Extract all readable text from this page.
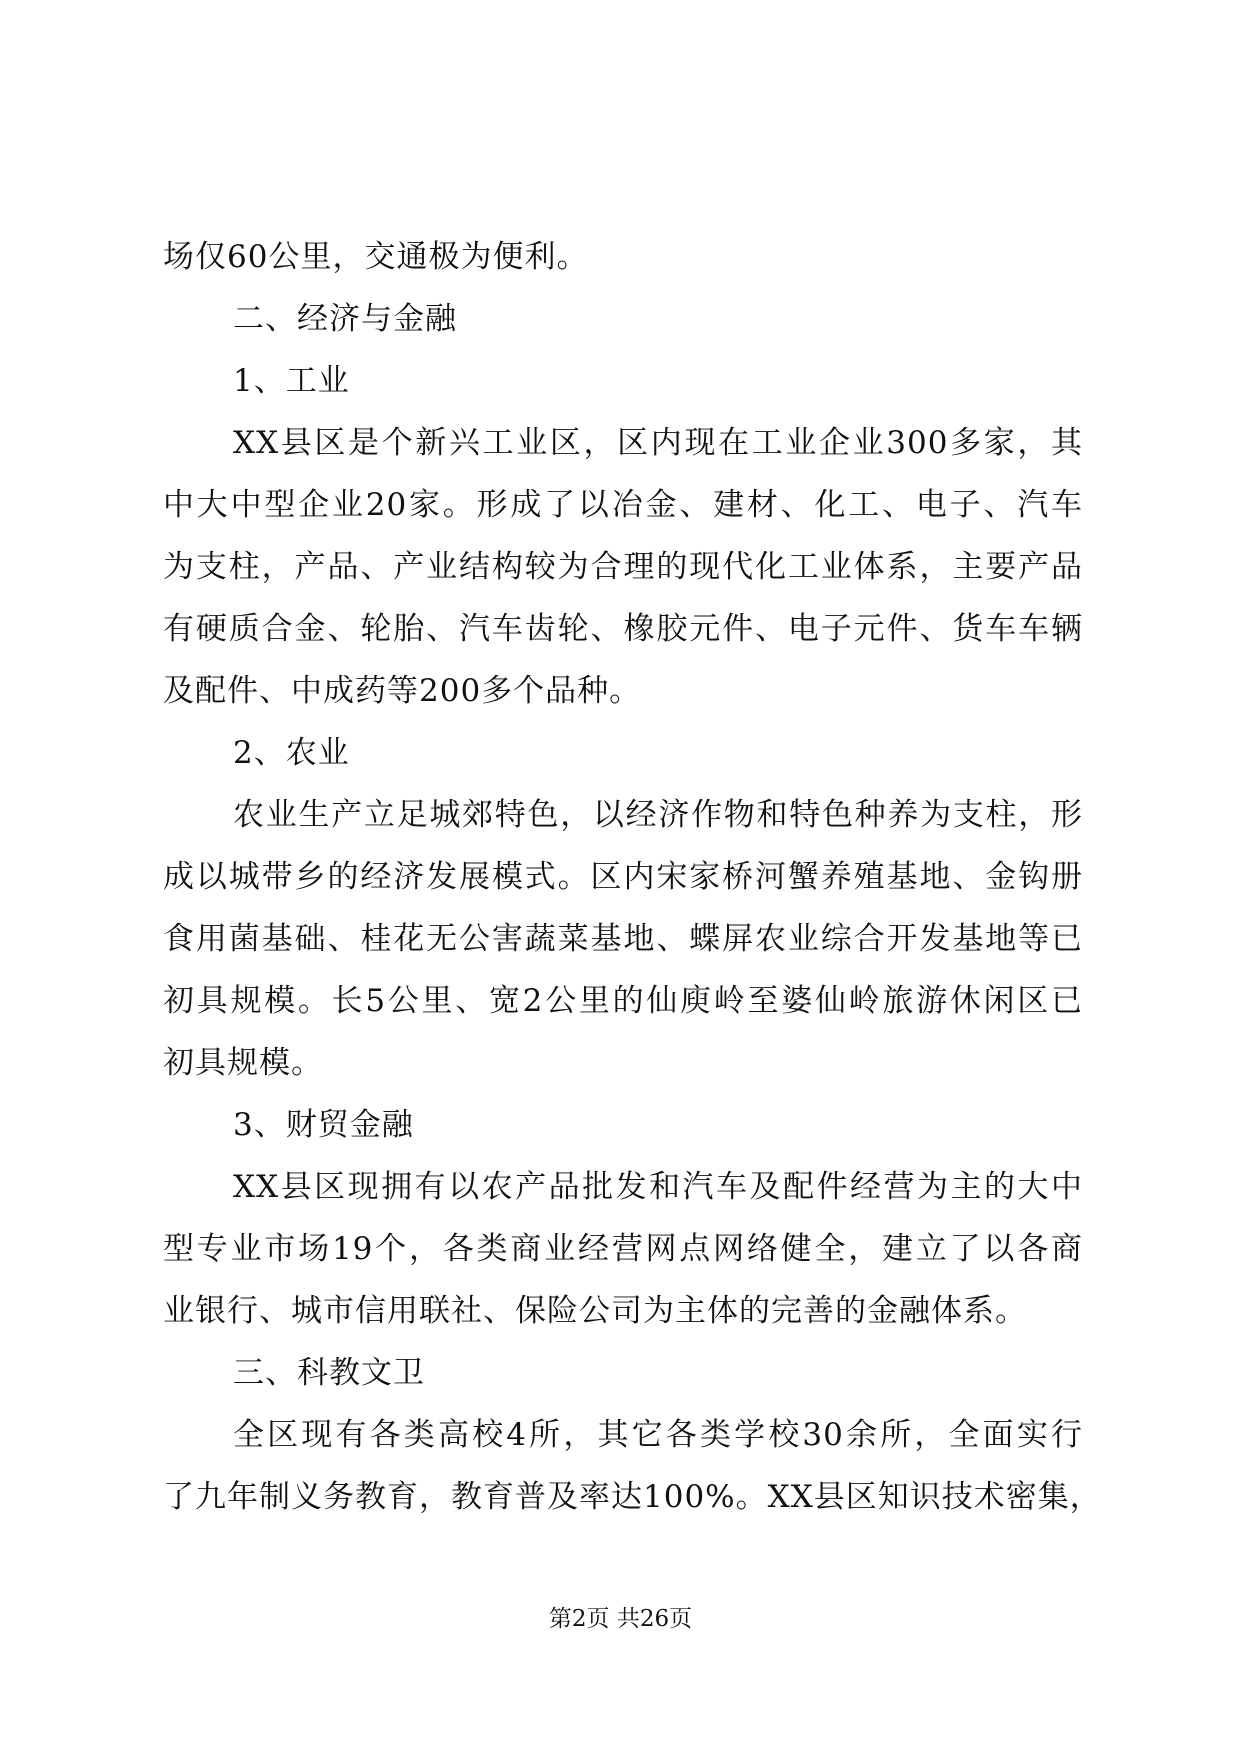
场仅60公里，交通极为便利。
二、经济与金融
1、工业
XX县区是个新兴工业区，区内现在工业企业300多家，其
中大中型企业20家。形成了以冶金、建材、化工、电子、汽车
为支柱，产品、产业结构较为合理的现代化工业体系，主要产品
有硬质合金、轮胎、汽车齿轮、橡胶元件、电子元件、货车车辆
及配件、中成药等200多个品种。
2、农业
农业生产立足城郊特色，以经济作物和特色种养为支柱，形
成以城带乡的经济发展模式。区内宋家桥河蟹养殖基地、金钩册
食用菌基础、桂花无公害蔬菜基地、蝶屏农业综合开发基地等已
初具规模。长5公里、宽2公里的仙庾岭至婆仙岭旅游休闲区已
初具规模。
3、财贸金融
XX县区现拥有以农产品批发和汽车及配件经营为主的大中
型专业市场19个，各类商业经营网点网络健全，建立了以各商
业银行、城市信用联社、保险公司为主体的完善的金融体系。
三、科教文卫
全区现有各类高校4所，其它各类学校30余所，全面实行
了九年制义务教育，教育普及率达100%。XX县区知识技术密集，
第2页 共26页
